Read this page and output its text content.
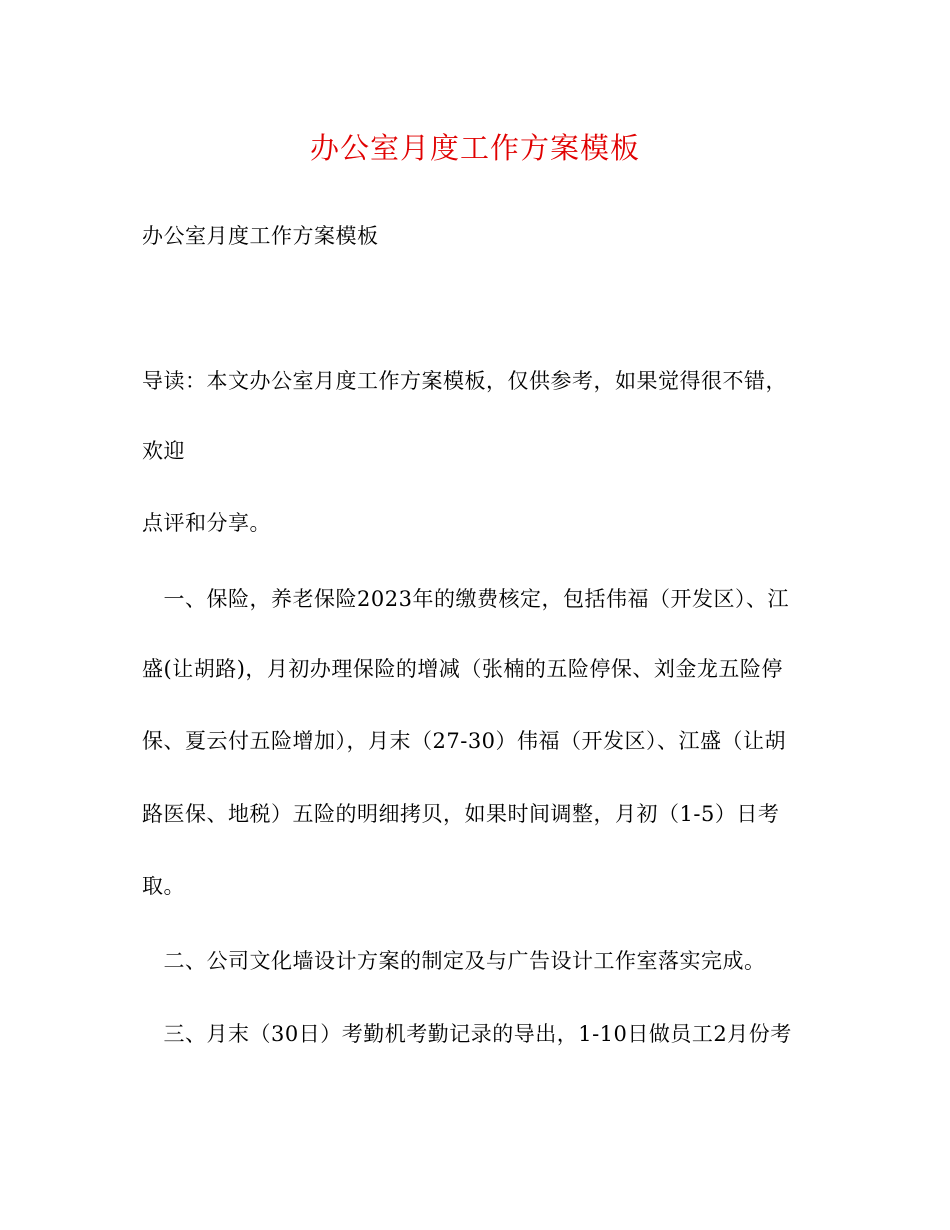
办公室月度工作方案模板
办公室月度工作方案模板
导读：本文办公室月度工作方案模板，仅供参考，如果觉得很不错，
欢迎
点评和分享。
　一、保险，养老保险2023年的缴费核定，包括伟福（开发区）、江
盛(让胡路)，月初办理保险的增减（张楠的五险停保、刘金龙五险停
保、夏云付五险增加），月末（27-30）伟福（开发区）、江盛（让胡
路医保、地税）五险的明细拷贝，如果时间调整，月初（1-5）日考
取。
　二、公司文化墙设计方案的制定及与广告设计工作室落实完成。
　三、月末（30日）考勤机考勤记录的导出，1-10日做员工2月份考
